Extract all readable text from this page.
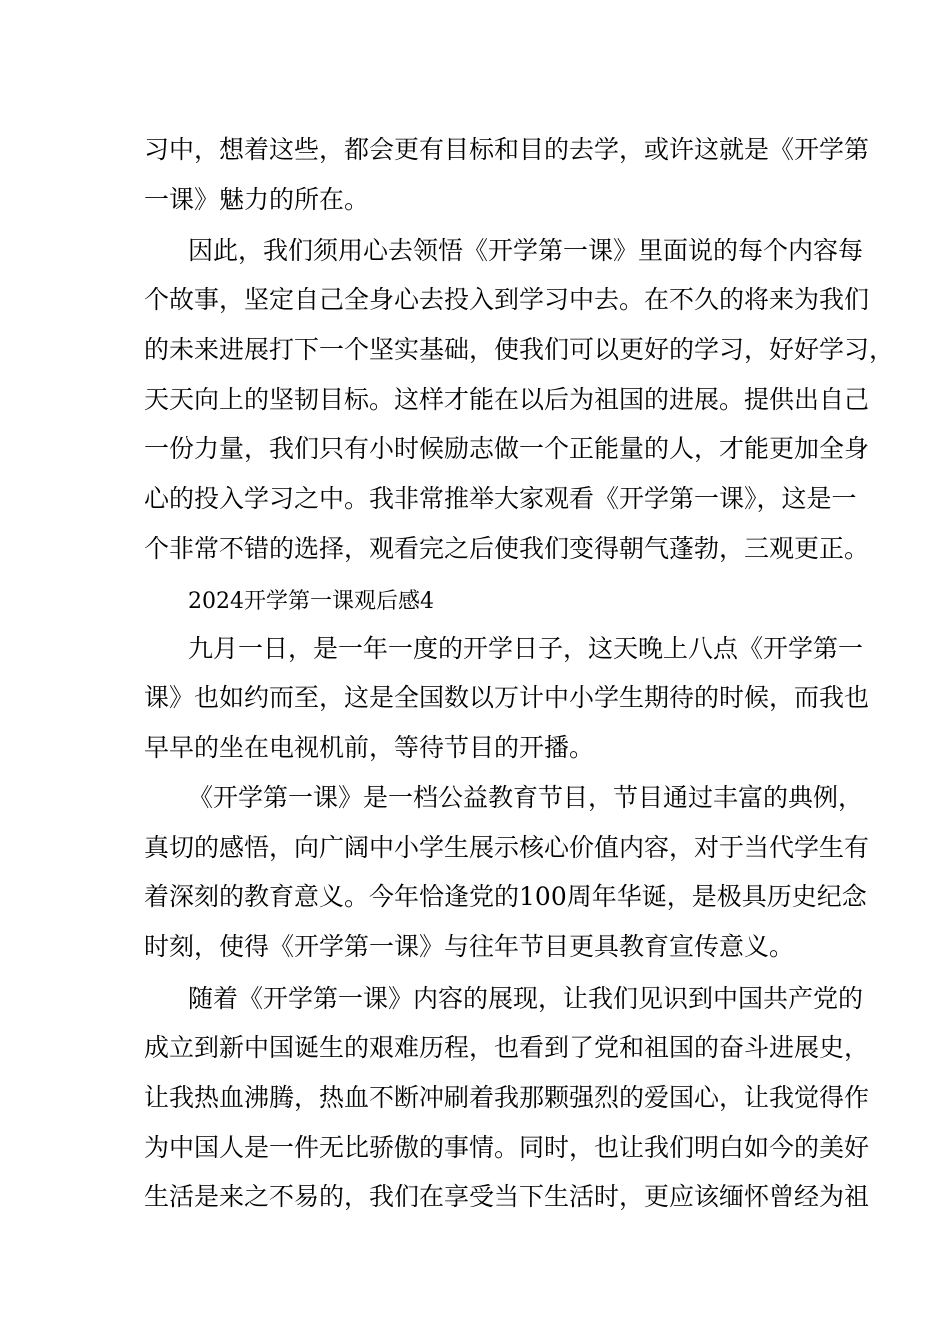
习中，想着这些，都会更有目标和目的去学，或许这就是《开学第
一课》魅力的所在。
因此，我们须用心去领悟《开学第一课》里面说的每个内容每
个故事，坚定自己全身心去投入到学习中去。在不久的将来为我们
的未来进展打下一个坚实基础，使我们可以更好的学习，好好学习，
天天向上的坚韧目标。这样才能在以后为祖国的进展。提供出自己
一份力量，我们只有小时候励志做一个正能量的人，才能更加全身
心的投入学习之中。我非常推举大家观看《开学第一课》，这是一
个非常不错的选择，观看完之后使我们变得朝气蓬勃，三观更正。
2024开学第一课观后感4
九月一日，是一年一度的开学日子，这天晚上八点《开学第一
课》也如约而至，这是全国数以万计中小学生期待的时候，而我也
早早的坐在电视机前，等待节目的开播。
《开学第一课》是一档公益教育节目，节目通过丰富的典例，
真切的感悟，向广阔中小学生展示核心价值内容，对于当代学生有
着深刻的教育意义。今年恰逢党的100周年华诞，是极具历史纪念
时刻，使得《开学第一课》与往年节目更具教育宣传意义。
随着《开学第一课》内容的展现，让我们见识到中国共产党的
成立到新中国诞生的艰难历程，也看到了党和祖国的奋斗进展史，
让我热血沸腾，热血不断冲刷着我那颗强烈的爱国心，让我觉得作
为中国人是一件无比骄傲的事情。同时，也让我们明白如今的美好
生活是来之不易的，我们在享受当下生活时，更应该缅怀曾经为祖
